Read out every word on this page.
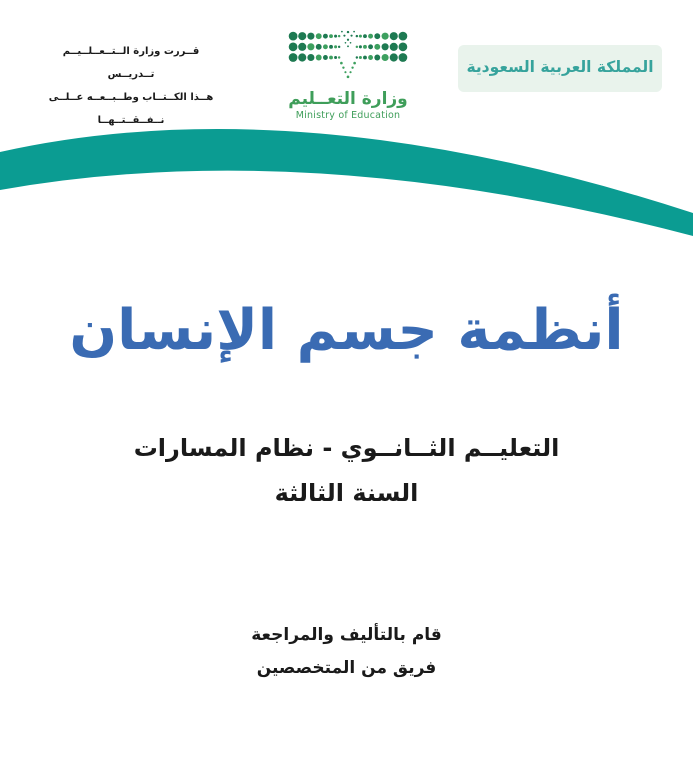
قــررت وزارة الــتــعــلــيــم تــدريــس
هــذا الكــتــاب وطــبــعــه عــلــى نــفــقــتــهــا
وزارة التعــليم
Ministry of Education
المملكة العربية السعودية
أنظمة جسم الإنسان
التعليــم الثــانــوي - نظام المسارات
السنة الثالثة
قام بالتأليف والمراجعة
فريق من المتخصصين
